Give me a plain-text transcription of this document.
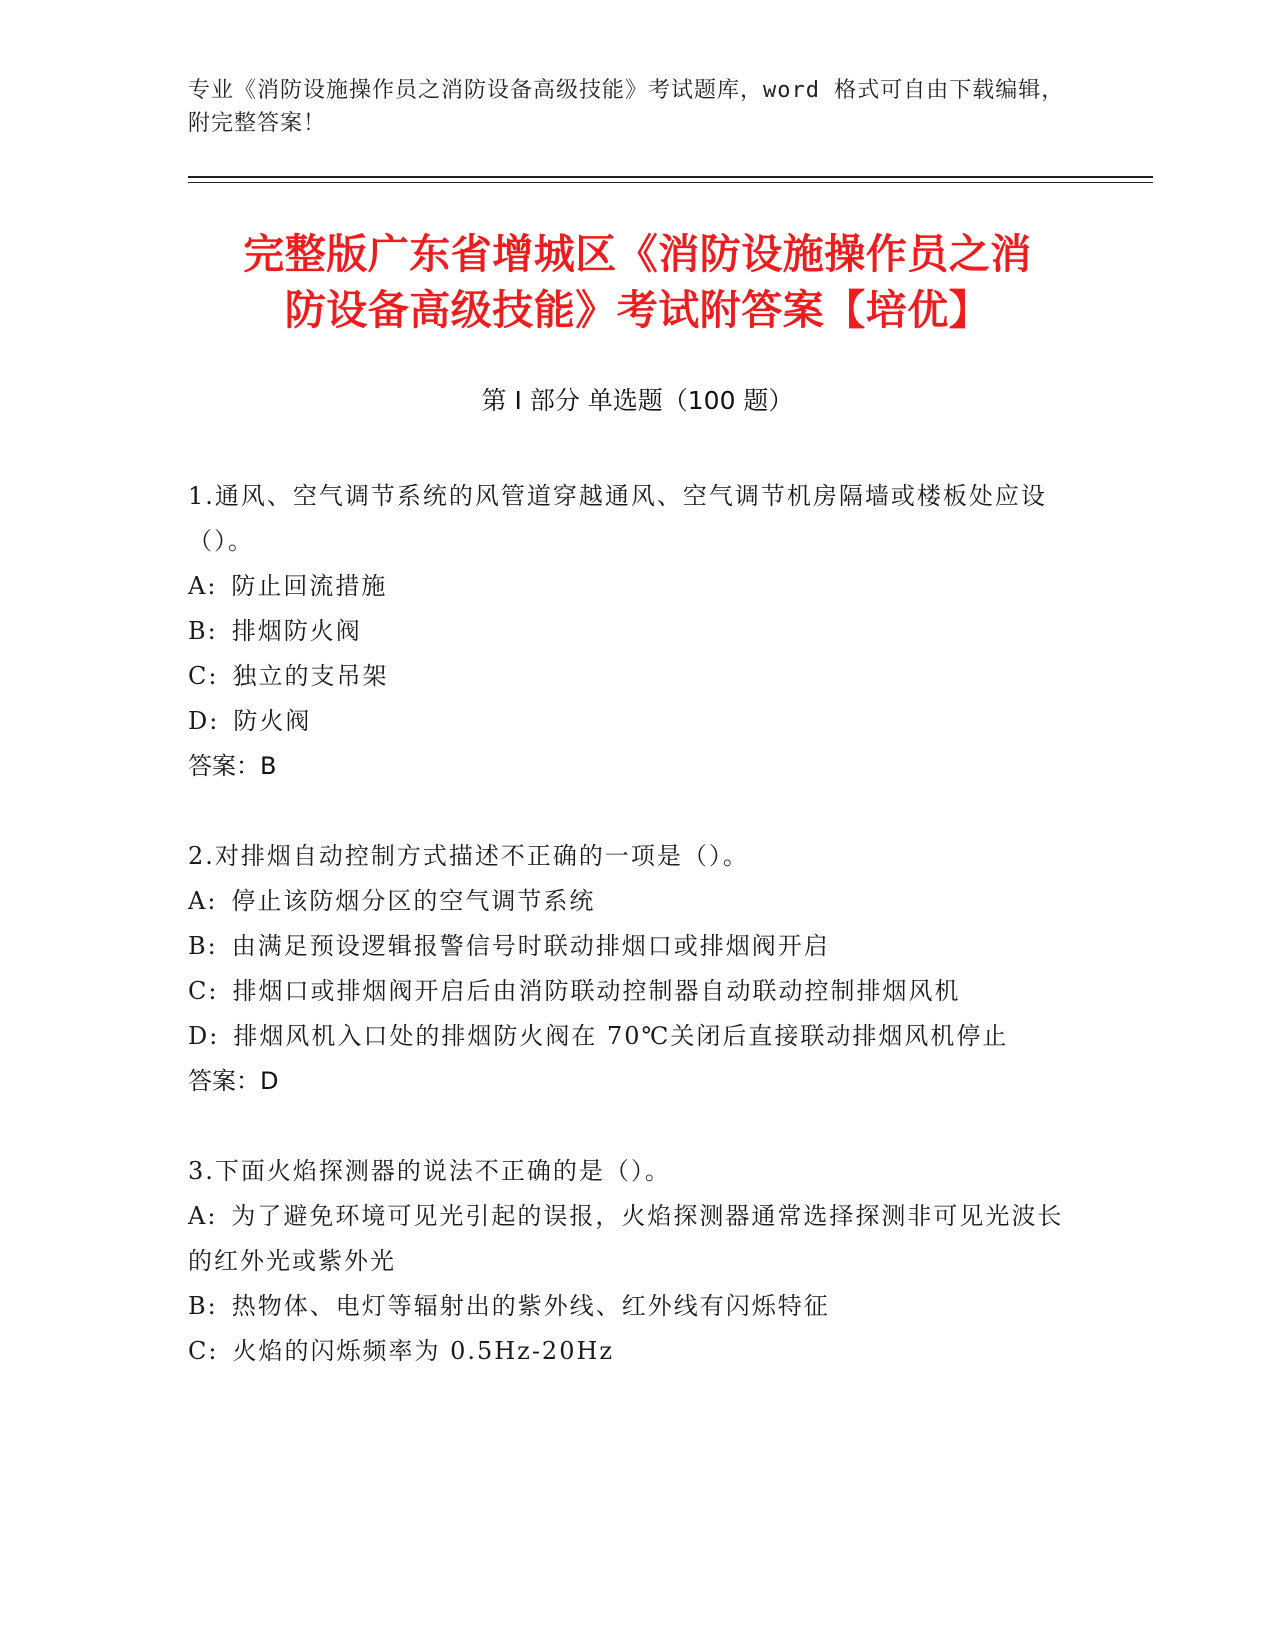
专业《消防设施操作员之消防设备高级技能》考试题库，word 格式可自由下载编辑，附完整答案！
完整版广东省增城区《消防设施操作员之消
防设备高级技能》考试附答案【培优】
第 I 部分 单选题（100 题）
1.通风、空气调节系统的风管道穿越通风、空气调节机房隔墙或楼板处应设（）。
A: 防止回流措施
B: 排烟防火阀
C: 独立的支吊架
D: 防火阀
答案：B
2.对排烟自动控制方式描述不正确的一项是（）。
A: 停止该防烟分区的空气调节系统
B: 由满足预设逻辑报警信号时联动排烟口或排烟阀开启
C: 排烟口或排烟阀开启后由消防联动控制器自动联动控制排烟风机
D: 排烟风机入口处的排烟防火阀在 70℃关闭后直接联动排烟风机停止
答案：D
3.下面火焰探测器的说法不正确的是（）。
A: 为了避免环境可见光引起的误报，火焰探测器通常选择探测非可见光波长的红外光或紫外光
B: 热物体、电灯等辐射出的紫外线、红外线有闪烁特征
C: 火焰的闪烁频率为 0.5Hz-20Hz
